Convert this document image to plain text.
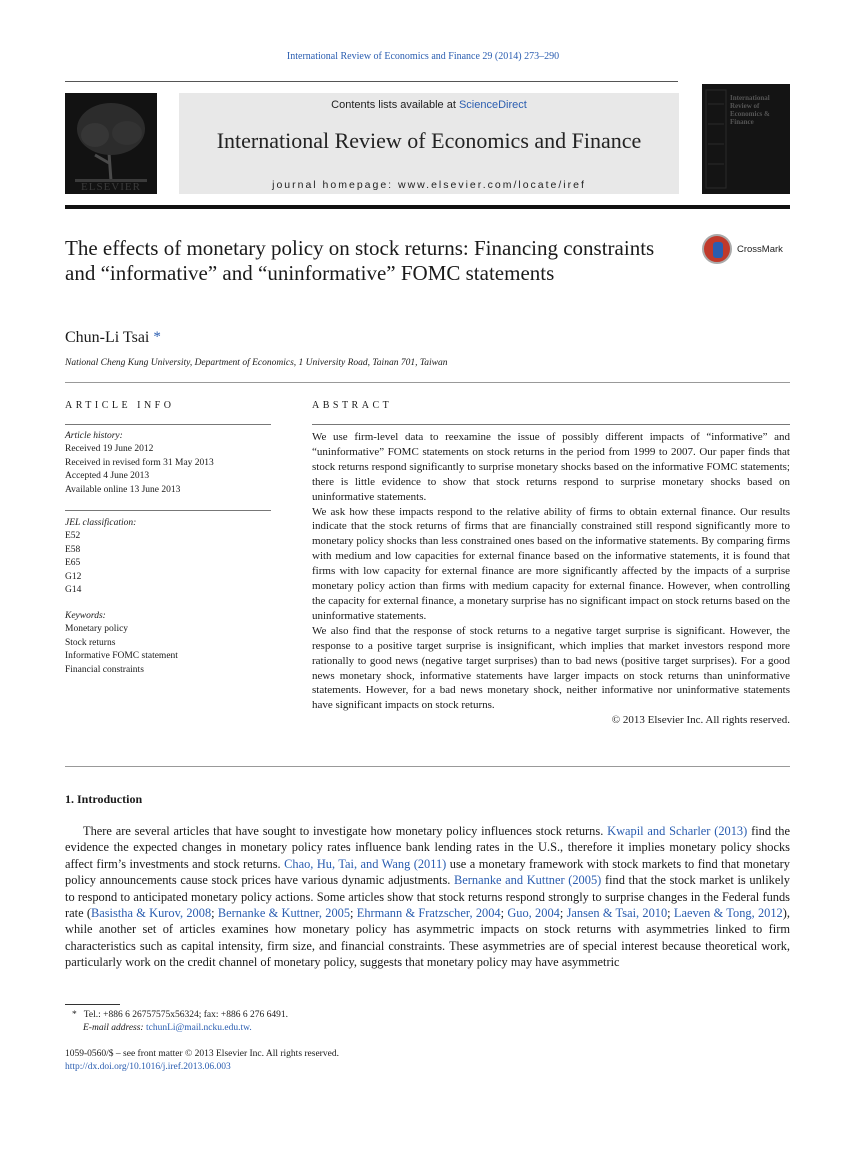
International Review of Economics and Finance 29 (2014) 273–290
ELSEVIER
Contents lists available at ScienceDirect
International Review of Economics and Finance
journal homepage: www.elsevier.com/locate/iref
International Review of Economics & Finance
The effects of monetary policy on stock returns: Financing constraints and “informative” and “uninformative” FOMC statements
CrossMark
Chun-Li Tsai *
National Cheng Kung University, Department of Economics, 1 University Road, Tainan 701, Taiwan
ARTICLE INFO
Article history:
Received 19 June 2012
Received in revised form 31 May 2013
Accepted 4 June 2013
Available online 13 June 2013
JEL classification:
E52
E58
E65
G12
G14
Keywords:
Monetary policy
Stock returns
Informative FOMC statement
Financial constraints
ABSTRACT

We use firm-level data to reexamine the issue of possibly different impacts of “informative” and “uninformative” FOMC statements on stock returns in the period from 1999 to 2007. Our paper finds that stock returns respond significantly to surprise monetary shocks based on the informative FOMC statements; there is little evidence to show that stock returns respond to surprise monetary shocks based on uninformative statements.

We ask how these impacts respond to the relative ability of firms to obtain external finance. Our results indicate that the stock returns of firms that are financially constrained still respond significantly more to monetary policy shocks than less constrained ones based on the informative statements. By comparing firms with medium and low capacities for external finance based on the informative statements, it is found that firms with low capacity for external finance are more significantly affected by the impacts of a surprise monetary policy action than firms with medium capacity for external finance. However, when controlling the capacity for external finance, a monetary surprise has no significant impact on stock returns based on the uninformative statements.

We also find that the response of stock returns to a negative target surprise is significant. However, the response to a positive target surprise is insignificant, which implies that market investors respond more rationally to good news (negative target surprises) than to bad news (positive target surprises). For a good news monetary shock, informative statements have larger impacts on stock returns than uninformative statements. However, for a bad news monetary shock, neither informative nor uninformative statements have significant impacts on stock returns.

© 2013 Elsevier Inc. All rights reserved.

1. Introduction
There are several articles that have sought to investigate how monetary policy influences stock returns. Kwapil and Scharler (2013) find the evidence the expected changes in monetary policy rates influence bank lending rates in the U.S., therefore it implies monetary policy shocks affect firm’s investments and stock returns. Chao, Hu, Tai, and Wang (2011) use a monetary framework with stock markets to find that monetary policy announcements cause stock prices have various dynamic adjustments. Bernanke and Kuttner (2005) find that the stock market is unlikely to respond to anticipated monetary policy actions. Some articles show that stock returns respond strongly to surprise changes in the Federal funds rate (Basistha & Kurov, 2008; Bernanke & Kuttner, 2005; Ehrmann & Fratzscher, 2004; Guo, 2004; Jansen & Tsai, 2010; Laeven & Tong, 2012), while another set of articles examines how monetary policy has asymmetric impacts on stock returns with asymmetries linked to firm characteristics such as capital intensity, firm size, and financial constraints. These asymmetries are of special interest because theoretical work, particularly work on the credit channel of monetary policy, suggests that monetary policy may have asymmetric
* Tel.: +886 6 26757575x56324; fax: +886 6 276 6491.
E-mail address: tchunLi@mail.ncku.edu.tw.
1059-0560/$ – see front matter © 2013 Elsevier Inc. All rights reserved.
http://dx.doi.org/10.1016/j.iref.2013.06.003
